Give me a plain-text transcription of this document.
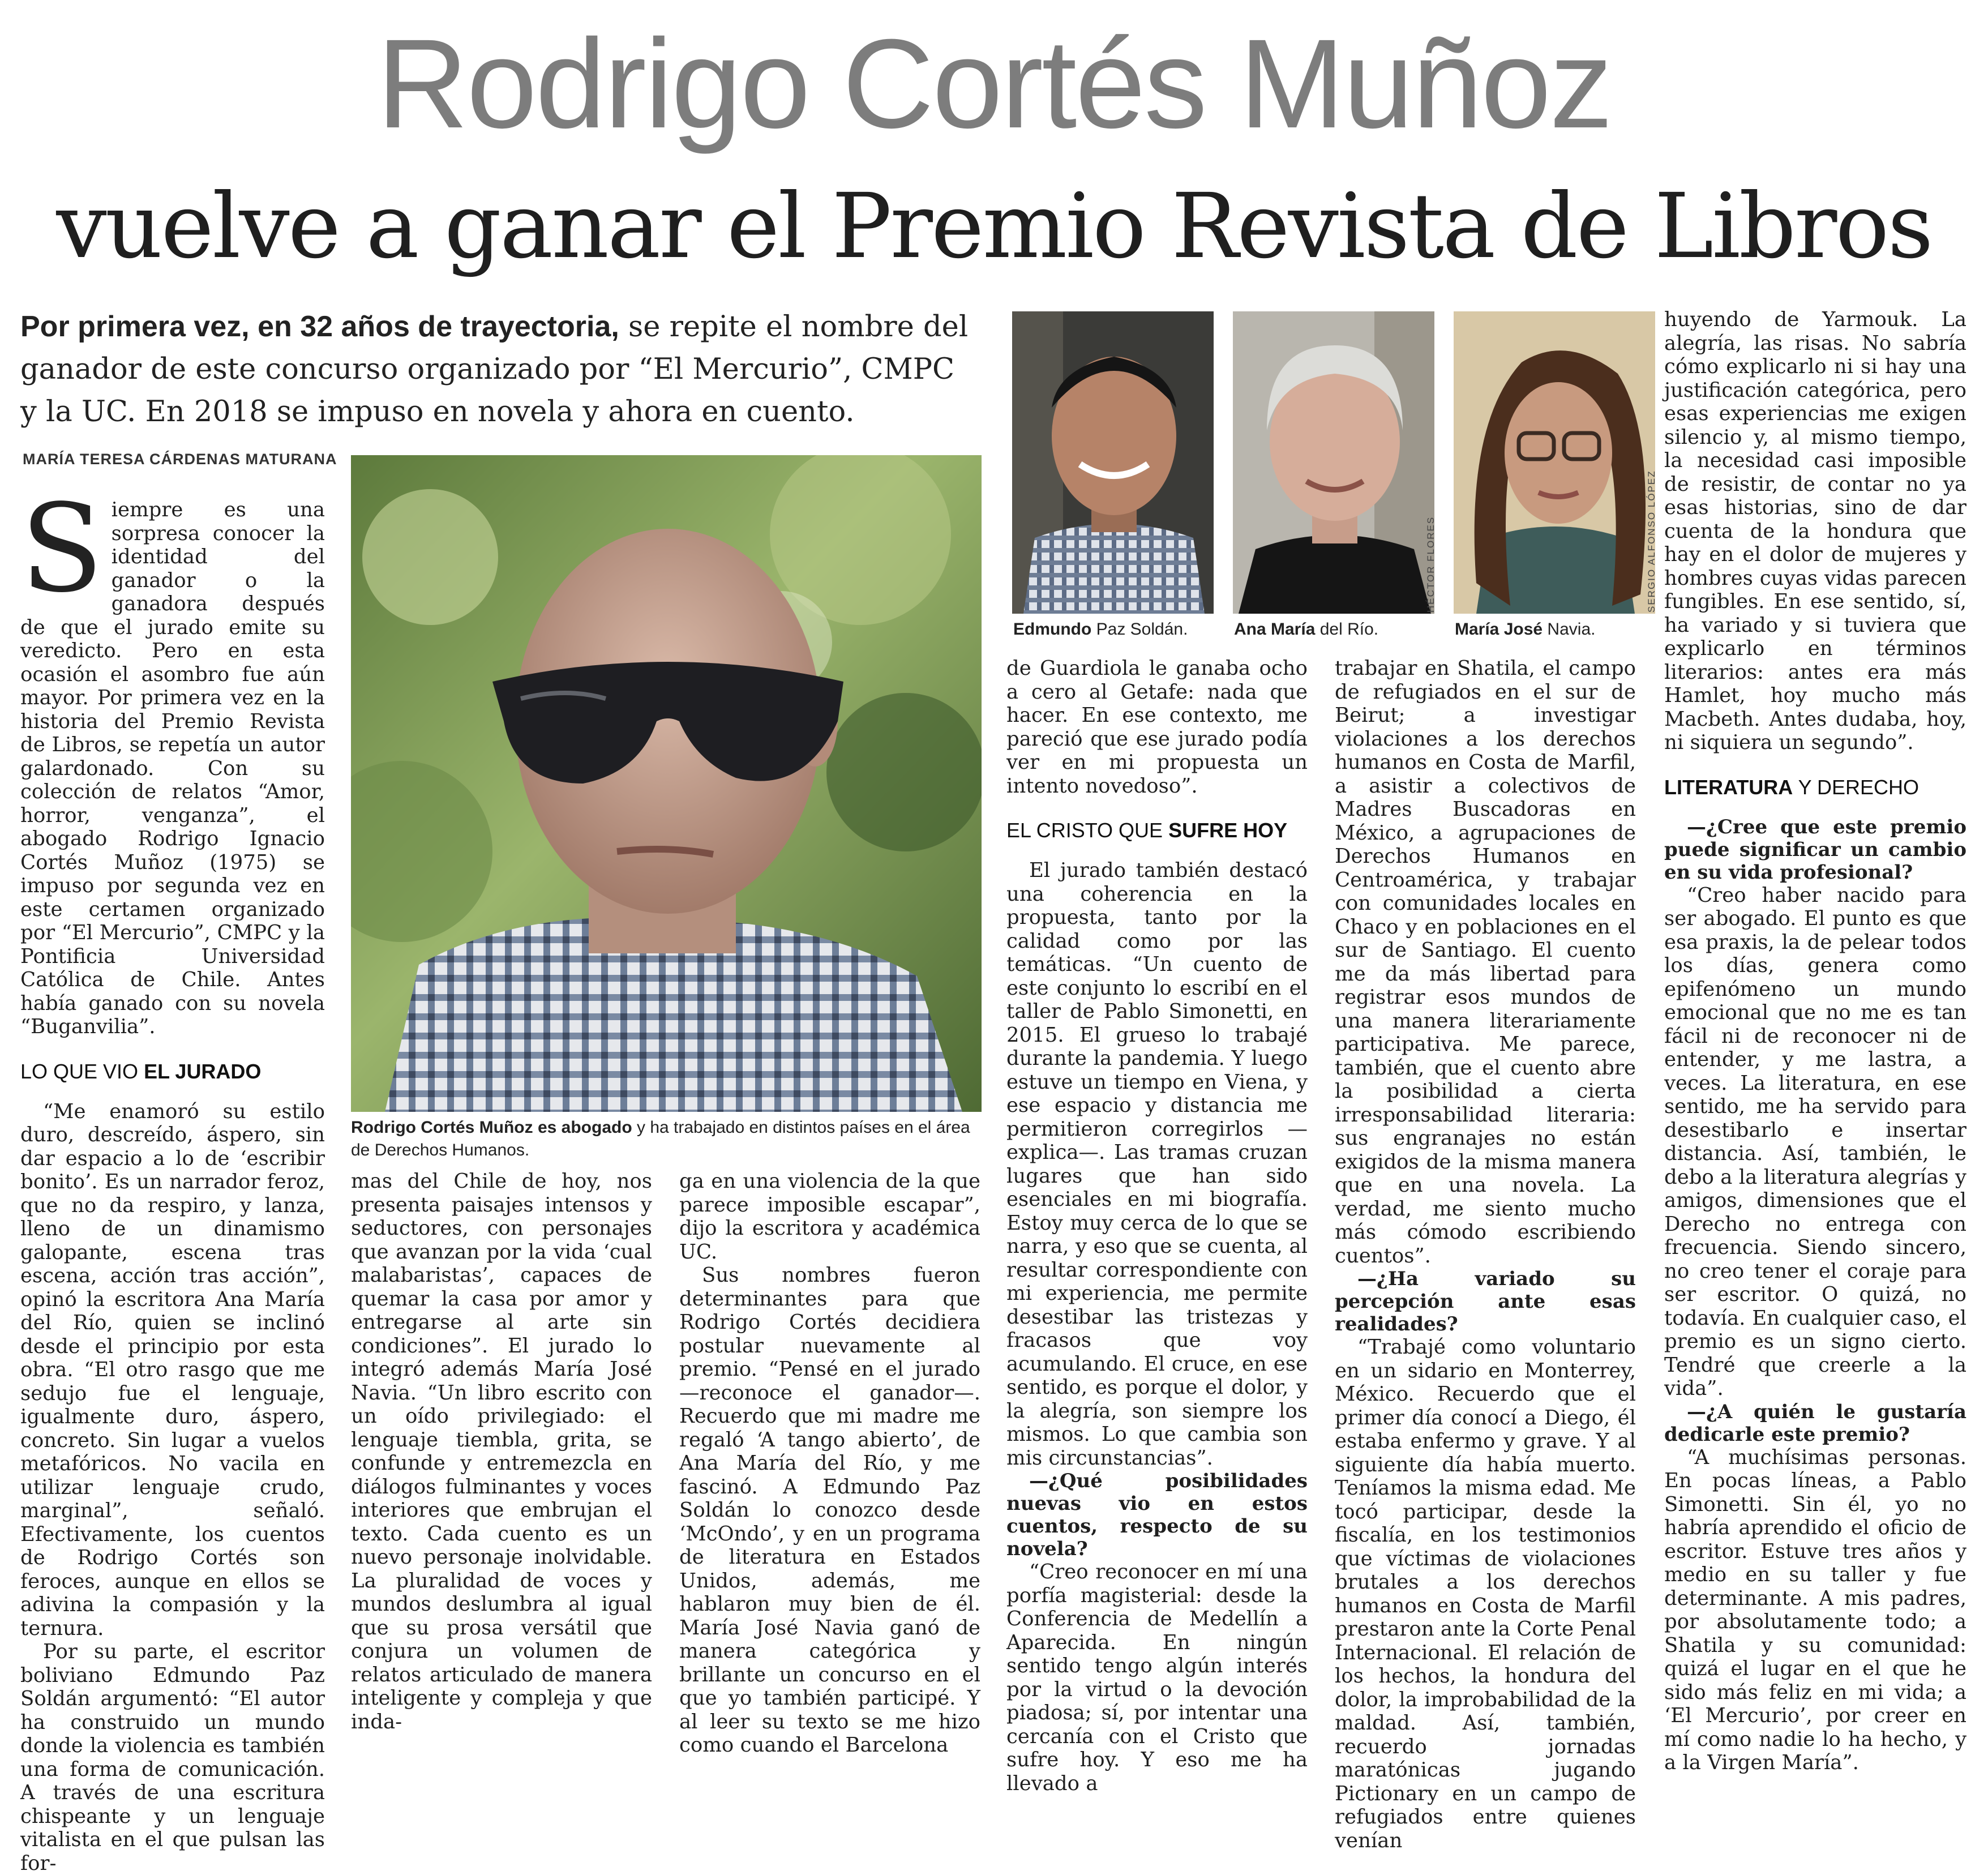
Rodrigo Cortés Muñoz
vuelve a ganar el Premio Revista de Libros
Por primera vez, en 32 años de trayectoria, se repite el nombre del ganador de este concurso organizado por “El Mercurio”, CMPC y la UC. En 2018 se impuso en novela y ahora en cuento.
MARÍA TERESA CÁRDENAS MATURANA
Rodrigo Cortés Muñoz es abogado y ha trabajado en distintos países en el área de Derechos Humanos.
Edmundo Paz Soldán.
HÉCTOR FLORES
Ana María del Río.
SERGIO ALFONSO LÓPEZ
María José Navia.

Siempre es una sorpresa conocer la identidad del ganador o la ganadora después de que el jurado emite su veredicto. Pero en esta ocasión el asombro fue aún mayor. Por primera vez en la historia del Premio Revista de Libros, se repetía un autor galardonado. Con su colección de relatos “Amor, horror, venganza”, el abogado Rodrigo Ignacio Cortés Muñoz (1975) se impuso por segunda vez en este certamen organizado por “El Mercurio”, CMPC y la Pontificia Universidad Católica de Chile. Antes había ganado con su novela “Buganvilia”.

LO QUE VIO EL JURADO

“Me enamoró su estilo duro, descreído, áspero, sin dar espacio a lo de ‘escribir bonito’. Es un narrador feroz, que no da respiro, y lanza, lleno de un dinamismo galopante, escena tras escena, acción tras acción”, opinó la escritora Ana María del Río, quien se inclinó desde el principio por esta obra. “El otro rasgo que me sedujo fue el lenguaje, igualmente duro, áspero, concreto. Sin lugar a vuelos metafóricos. No vacila en utilizar lenguaje crudo, marginal”, señaló. Efectivamente, los cuentos de Rodrigo Cortés son feroces, aunque en ellos se adivina la compasión y la ternura.

Por su parte, el escritor boliviano Edmundo Paz Soldán argumentó: “El autor ha construido un mundo donde la violencia es también una forma de comunicación. A través de una escritura chispeante y un lenguaje vitalista en el que pulsan las for-

mas del Chile de hoy, nos presenta paisajes intensos y seductores, con personajes que avanzan por la vida ‘cual malabaristas’, capaces de quemar la casa por amor y entregarse al arte sin condiciones”. El jurado lo integró además María José Navia. “Un libro escrito con un oído privilegiado: el lenguaje tiembla, grita, se confunde y entremezcla en diálogos fulminantes y voces interiores que embrujan el texto. Cada cuento es un nuevo personaje inolvidable. La pluralidad de voces y mundos deslumbra al igual que su prosa versátil que conjura un volumen de relatos articulado de manera inteligente y compleja y que inda-

ga en una violencia de la que parece imposible escapar”, dijo la escritora y académica UC.

Sus nombres fueron determinantes para que Rodrigo Cortés decidiera postular nuevamente al premio. “Pensé en el jurado —reconoce el ganador—. Recuerdo que mi madre me regaló ‘A tango abierto’, de Ana María del Río, y me fascinó. A Edmundo Paz Soldán lo conozco desde ‘McOndo’, y en un programa de literatura en Estados Unidos, además, me hablaron muy bien de él. María José Navia ganó de manera categórica y brillante un concurso en el que yo también participé. Y al leer su texto se me hizo como cuando el Barcelona

de Guardiola le ganaba ocho a cero al Getafe: nada que hacer. En ese contexto, me pareció que ese jurado podía ver en mi propuesta un intento novedoso”.

EL CRISTO QUE SUFRE HOY

El jurado también destacó una coherencia en la propuesta, tanto por la calidad como por las temáticas. “Un cuento de este conjunto lo escribí en el taller de Pablo Simonetti, en 2015. El grueso lo trabajé durante la pandemia. Y luego estuve un tiempo en Viena, y ese espacio y distancia me permitieron corregirlos —explica—. Las tramas cruzan lugares que han sido esenciales en mi biografía. Estoy muy cerca de lo que se narra, y eso que se cuenta, al resultar correspondiente con mi experiencia, me permite desestibar las tristezas y fracasos que voy acumulando. El cruce, en ese sentido, es porque el dolor, y la alegría, son siempre los mismos. Lo que cambia son mis circunstancias”.

—¿Qué posibilidades nuevas vio en estos cuentos, respecto de su novela?

“Creo reconocer en mí una porfía magisterial: desde la Conferencia de Medellín a Aparecida. En ningún sentido tengo algún interés por la virtud o la devoción piadosa; sí, por intentar una cercanía con el Cristo que sufre hoy. Y eso me ha llevado a

trabajar en Shatila, el campo de refugiados en el sur de Beirut; a investigar violaciones a los derechos humanos en Costa de Marfil, a asistir a colectivos de Madres Buscadoras en México, a agrupaciones de Derechos Humanos en Centroamérica, y trabajar con comunidades locales en Chaco y en poblaciones en el sur de Santiago. El cuento me da más libertad para registrar esos mundos de una manera literariamente participativa. Me parece, también, que el cuento abre la posibilidad a cierta irresponsabilidad literaria: sus engranajes no están exigidos de la misma manera que en una novela. La verdad, me siento mucho más cómodo escribiendo cuentos”.

—¿Ha variado su percepción ante esas realidades?

“Trabajé como voluntario en un sidario en Monterrey, México. Recuerdo que el primer día conocí a Diego, él estaba enfermo y grave. Y al siguiente día había muerto. Teníamos la misma edad. Me tocó participar, desde la fiscalía, en los testimonios que víctimas de violaciones brutales a los derechos humanos en Costa de Marfil prestaron ante la Corte Penal Internacional. El relación de los hechos, la hondura del dolor, la improbabilidad de la maldad. Así, también, recuerdo jornadas maratónicas jugando Pictionary en un campo de refugiados entre quienes venían

huyendo de Yarmouk. La alegría, las risas. No sabría cómo explicarlo ni si hay una justificación categórica, pero esas experiencias me exigen silencio y, al mismo tiempo, la necesidad casi imposible de resistir, de contar no ya esas historias, sino de dar cuenta de la hondura que hay en el dolor de mujeres y hombres cuyas vidas parecen fungibles. En ese sentido, sí, ha variado y si tuviera que explicarlo en términos literarios: antes era más Hamlet, hoy mucho más Macbeth. Antes dudaba, hoy, ni siquiera un segundo”.

LITERATURA Y DERECHO

—¿Cree que este premio puede significar un cambio en su vida profesional?

“Creo haber nacido para ser abogado. El punto es que esa praxis, la de pelear todos los días, genera como epifenómeno un mundo emocional que no me es tan fácil ni de reconocer ni de entender, y me lastra, a veces. La literatura, en ese sentido, me ha servido para desestibarlo e insertar distancia. Así, también, le debo a la literatura alegrías y amigos, dimensiones que el Derecho no entrega con frecuencia. Siendo sincero, no creo tener el coraje para ser escritor. O quizá, no todavía. En cualquier caso, el premio es un signo cierto. Tendré que creerle a la vida”.

—¿A quién le gustaría dedicarle este premio?

“A muchísimas personas. En pocas líneas, a Pablo Simonetti. Sin él, yo no habría aprendido el oficio de escritor. Estuve tres años y medio en su taller y fue determinante. A mis padres, por absolutamente todo; a Shatila y su comunidad: quizá el lugar en el que he sido más feliz en mi vida; a ‘El Mercurio’, por creer en mí como nadie lo ha hecho, y a la Virgen María”.
